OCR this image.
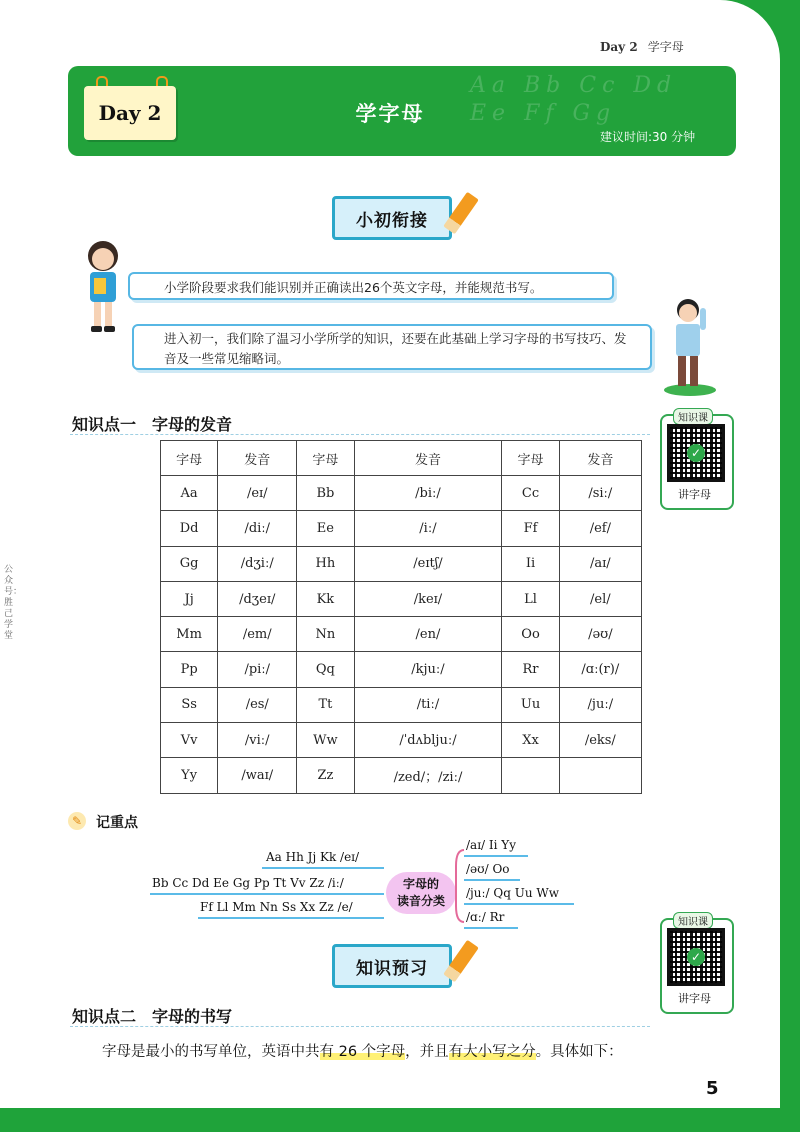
Day 2 学字母
Aa Bb Cc Dd Ee Ff Gg
Day 2	学字母
建议时间:30 分钟
小初衔接
小学阶段要求我们能识别并正确读出26个英文字母，并能规范书写。
进入初一，我们除了温习小学所学的知识，还要在此基础上学习字母的书写技巧、发音及一些常见缩略词。
知识点一　字母的发音
字母	发音	字母	发音	字母	发音
Aa	/eɪ/	Bb	/biː/	Cc	/siː/
Dd	/diː/	Ee	/iː/	Ff	/ef/
Gg	/dʒiː/	Hh	/eɪtʃ/	Ii	/aɪ/
Jj	/dʒeɪ/	Kk	/keɪ/	Ll	/el/
Mm	/em/	Nn	/en/	Oo	/əʊ/
Pp	/piː/	Qq	/kjuː/	Rr	/ɑː(r)/
Ss	/es/	Tt	/tiː/	Uu	/juː/
Vv	/viː/	Ww	/ˈdʌbljuː/	Xx	/eks/
Yy	/waɪ/	Zz	/zed/；/ziː/		
知识课
✓
讲字母
✎ 记重点
Aa Hh Jj Kk /eɪ/
Bb Cc Dd Ee Gg Pp Tt Vv Zz /iː/
Ff Ll Mm Nn Ss Xx Zz /e/
字母的
读音分类
/aɪ/ Ii Yy
/əʊ/ Oo
/juː/ Qq Uu Ww
/ɑː/ Rr	知识课
✓
讲字母
知识预习
知识点二　字母的书写
字母是最小的书写单位，英语中共有 26 个字母，并且有大小写之分。具体如下：
公众号：胜己学堂
5
